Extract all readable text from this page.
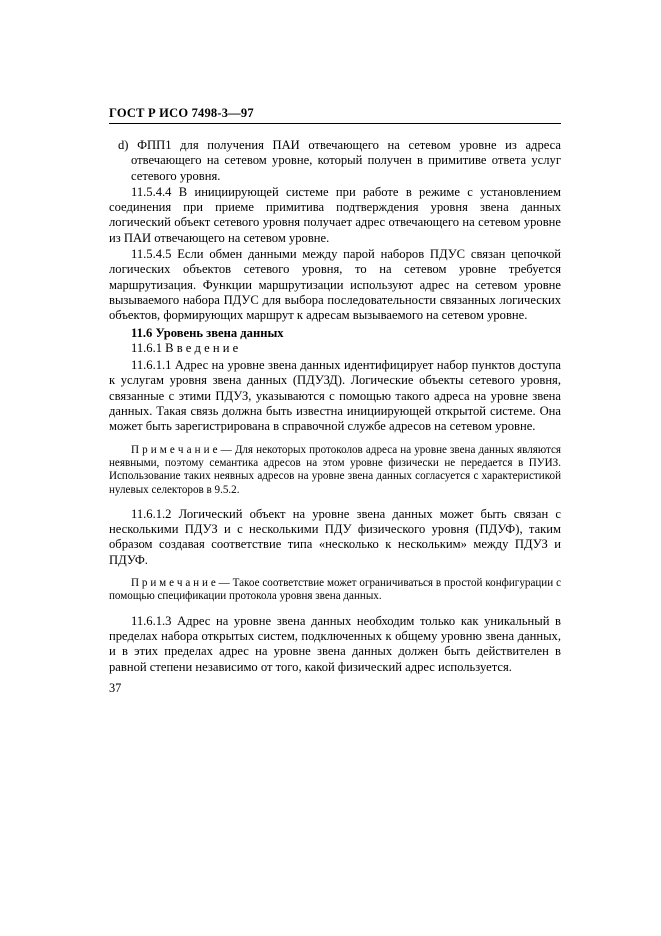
ГОСТ Р ИСО 7498-3—97

d) ФПП1 для получения ПАИ отвечающего на сетевом уровне из адреса отвечающего на сетевом уровне, который получен в примитиве ответа услуг сетевого уровня.

11.5.4.4 В инициирующей системе при работе в режиме с установлением соединения при приеме примитива подтверждения уровня звена данных логический объект сетевого уровня получает адрес отвечающего на сетевом уровне из ПАИ отвечающего на сетевом уровне.

11.5.4.5 Если обмен данными между парой наборов ПДУС связан цепочкой логических объектов сетевого уровня, то на сетевом уровне требуется маршрутизация. Функции маршрутизации используют адрес на сетевом уровне вызываемого набора ПДУС для выбора последовательности связанных логических объектов, формирующих маршрут к адресам вызываемого на сетевом уровне.

11.6 Уровень звена данных

11.6.1 В в е д е н и е

11.6.1.1 Адрес на уровне звена данных идентифицирует набор пунктов доступа к услугам уровня звена данных (ПДУЗД). Логические объекты сетевого уровня, связанные с этими ПДУЗ, указываются с помощью такого адреса на уровне звена данных. Такая связь должна быть известна инициирующей открытой системе. Она может быть зарегистрирована в справочной службе адресов на сетевом уровне.

П р и м е ч а н и е — Для некоторых протоколов адреса на уровне звена данных являются неявными, поэтому семантика адресов на этом уровне физически не передается в ПУИЗ. Использование таких неявных адресов на уровне звена данных согласуется с характеристикой нулевых селекторов в 9.5.2.

11.6.1.2 Логический объект на уровне звена данных может быть связан с несколькими ПДУЗ и с несколькими ПДУ физического уровня (ПДУФ), таким образом создавая соответствие типа «несколько к нескольким» между ПДУЗ и ПДУФ.

П р и м е ч а н и е — Такое соответствие может ограничиваться в простой конфигурации с помощью спецификации протокола уровня звена данных.

11.6.1.3 Адрес на уровне звена данных необходим только как уникальный в пределах набора открытых систем, подключенных к общему уровню звена данных, и в этих пределах адрес на уровне звена данных должен быть действителен в равной степени независимо от того, какой физический адрес используется.

37
